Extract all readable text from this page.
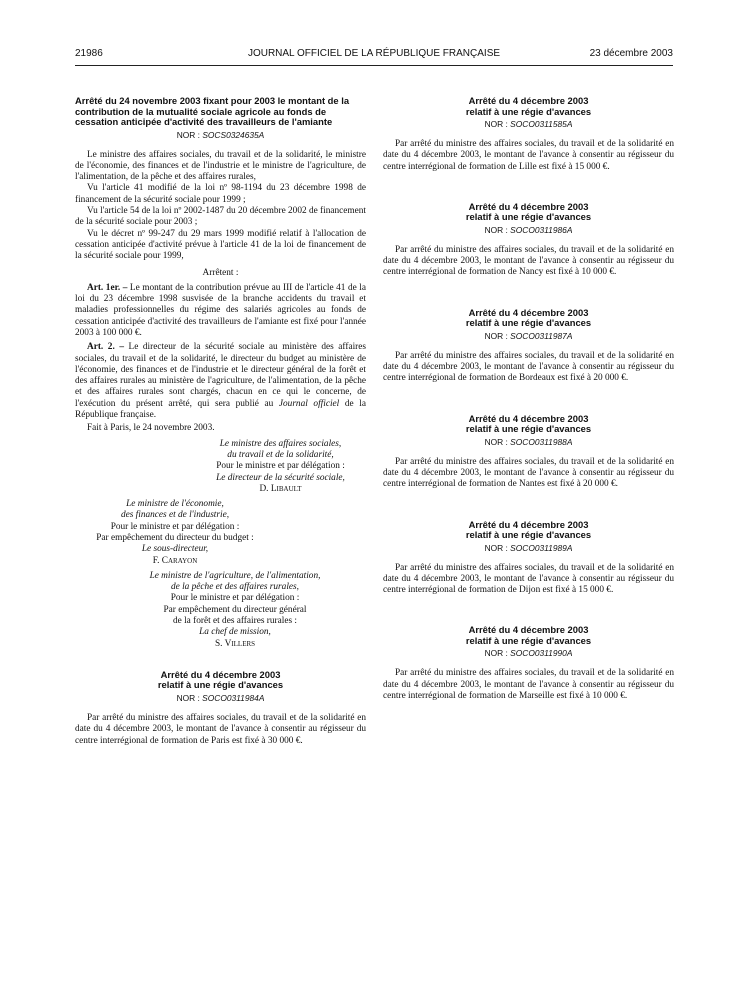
21986	JOURNAL OFFICIEL DE LA RÉPUBLIQUE FRANÇAISE	23 décembre 2003
Arrêté du 24 novembre 2003 fixant pour 2003 le montant de la contribution de la mutualité sociale agricole au fonds de cessation anticipée d'activité des travailleurs de l'amiante
NOR : SOCS0324635A

Le ministre des affaires sociales, du travail et de la solidarité, le ministre de l'économie, des finances et de l'industrie et le ministre de l'agriculture, de l'alimentation, de la pêche et des affaires rurales,

Vu l'article 41 modifié de la loi nº 98-1194 du 23 décembre 1998 de financement de la sécurité sociale pour 1999 ;

Vu l'article 54 de la loi nº 2002-1487 du 20 décembre 2002 de financement de la sécurité sociale pour 2003 ;

Vu le décret nº 99-247 du 29 mars 1999 modifié relatif à l'allocation de cessation anticipée d'activité prévue à l'article 41 de la loi de financement de la sécurité sociale pour 1999,

Arrêtent :

Art. 1er. – Le montant de la contribution prévue au III de l'article 41 de la loi du 23 décembre 1998 susvisée de la branche accidents du travail et maladies professionnelles du régime des salariés agricoles au fonds de cessation anticipée d'activité des travailleurs de l'amiante est fixé pour l'année 2003 à 100 000 €.

Art. 2. – Le directeur de la sécurité sociale au ministère des affaires sociales, du travail et de la solidarité, le directeur du budget au ministère de l'économie, des finances et de l'industrie et le directeur général de la forêt et des affaires rurales au ministère de l'agriculture, de l'alimentation, de la pêche et des affaires rurales sont chargés, chacun en ce qui le concerne, de l'exécution du présent arrêté, qui sera publié au Journal officiel de la République française.

Fait à Paris, le 24 novembre 2003.

Le ministre des affaires sociales,
du travail et de la solidarité,
Pour le ministre et par délégation :
Le directeur de la sécurité sociale,
D. Libault
Le ministre de l'économie,
des finances et de l'industrie,
Pour le ministre et par délégation :
Par empêchement du directeur du budget :
Le sous-directeur,
F. Carayon
Le ministre de l'agriculture, de l'alimentation,
de la pêche et des affaires rurales,
Pour le ministre et par délégation :
Par empêchement du directeur général
de la forêt et des affaires rurales :
La chef de mission,
S. Villers
Arrêté du 4 décembre 2003
relatif à une régie d'avances
NOR : SOCO0311984A

Par arrêté du ministre des affaires sociales, du travail et de la solidarité en date du 4 décembre 2003, le montant de l'avance à consentir au régisseur du centre interrégional de formation de Paris est fixé à 30 000 €.

Arrêté du 4 décembre 2003
relatif à une régie d'avances
NOR : SOCO0311585A

Par arrêté du ministre des affaires sociales, du travail et de la solidarité en date du 4 décembre 2003, le montant de l'avance à consentir au régisseur du centre interrégional de formation de Lille est fixé à 15 000 €.

Arrêté du 4 décembre 2003
relatif à une régie d'avances
NOR : SOCO0311986A

Par arrêté du ministre des affaires sociales, du travail et de la solidarité en date du 4 décembre 2003, le montant de l'avance à consentir au régisseur du centre interrégional de formation de Nancy est fixé à 10 000 €.

Arrêté du 4 décembre 2003
relatif à une régie d'avances
NOR : SOCO0311987A

Par arrêté du ministre des affaires sociales, du travail et de la solidarité en date du 4 décembre 2003, le montant de l'avance à consentir au régisseur du centre interrégional de formation de Bordeaux est fixé à 20 000 €.

Arrêté du 4 décembre 2003
relatif à une régie d'avances
NOR : SOCO0311988A

Par arrêté du ministre des affaires sociales, du travail et de la solidarité en date du 4 décembre 2003, le montant de l'avance à consentir au régisseur du centre interrégional de formation de Nantes est fixé à 20 000 €.

Arrêté du 4 décembre 2003
relatif à une régie d'avances
NOR : SOCO0311989A

Par arrêté du ministre des affaires sociales, du travail et de la solidarité en date du 4 décembre 2003, le montant de l'avance à consentir au régisseur du centre interrégional de formation de Dijon est fixé à 15 000 €.

Arrêté du 4 décembre 2003
relatif à une régie d'avances
NOR : SOCO0311990A

Par arrêté du ministre des affaires sociales, du travail et de la solidarité en date du 4 décembre 2003, le montant de l'avance à consentir au régisseur du centre interrégional de formation de Marseille est fixé à 10 000 €.
